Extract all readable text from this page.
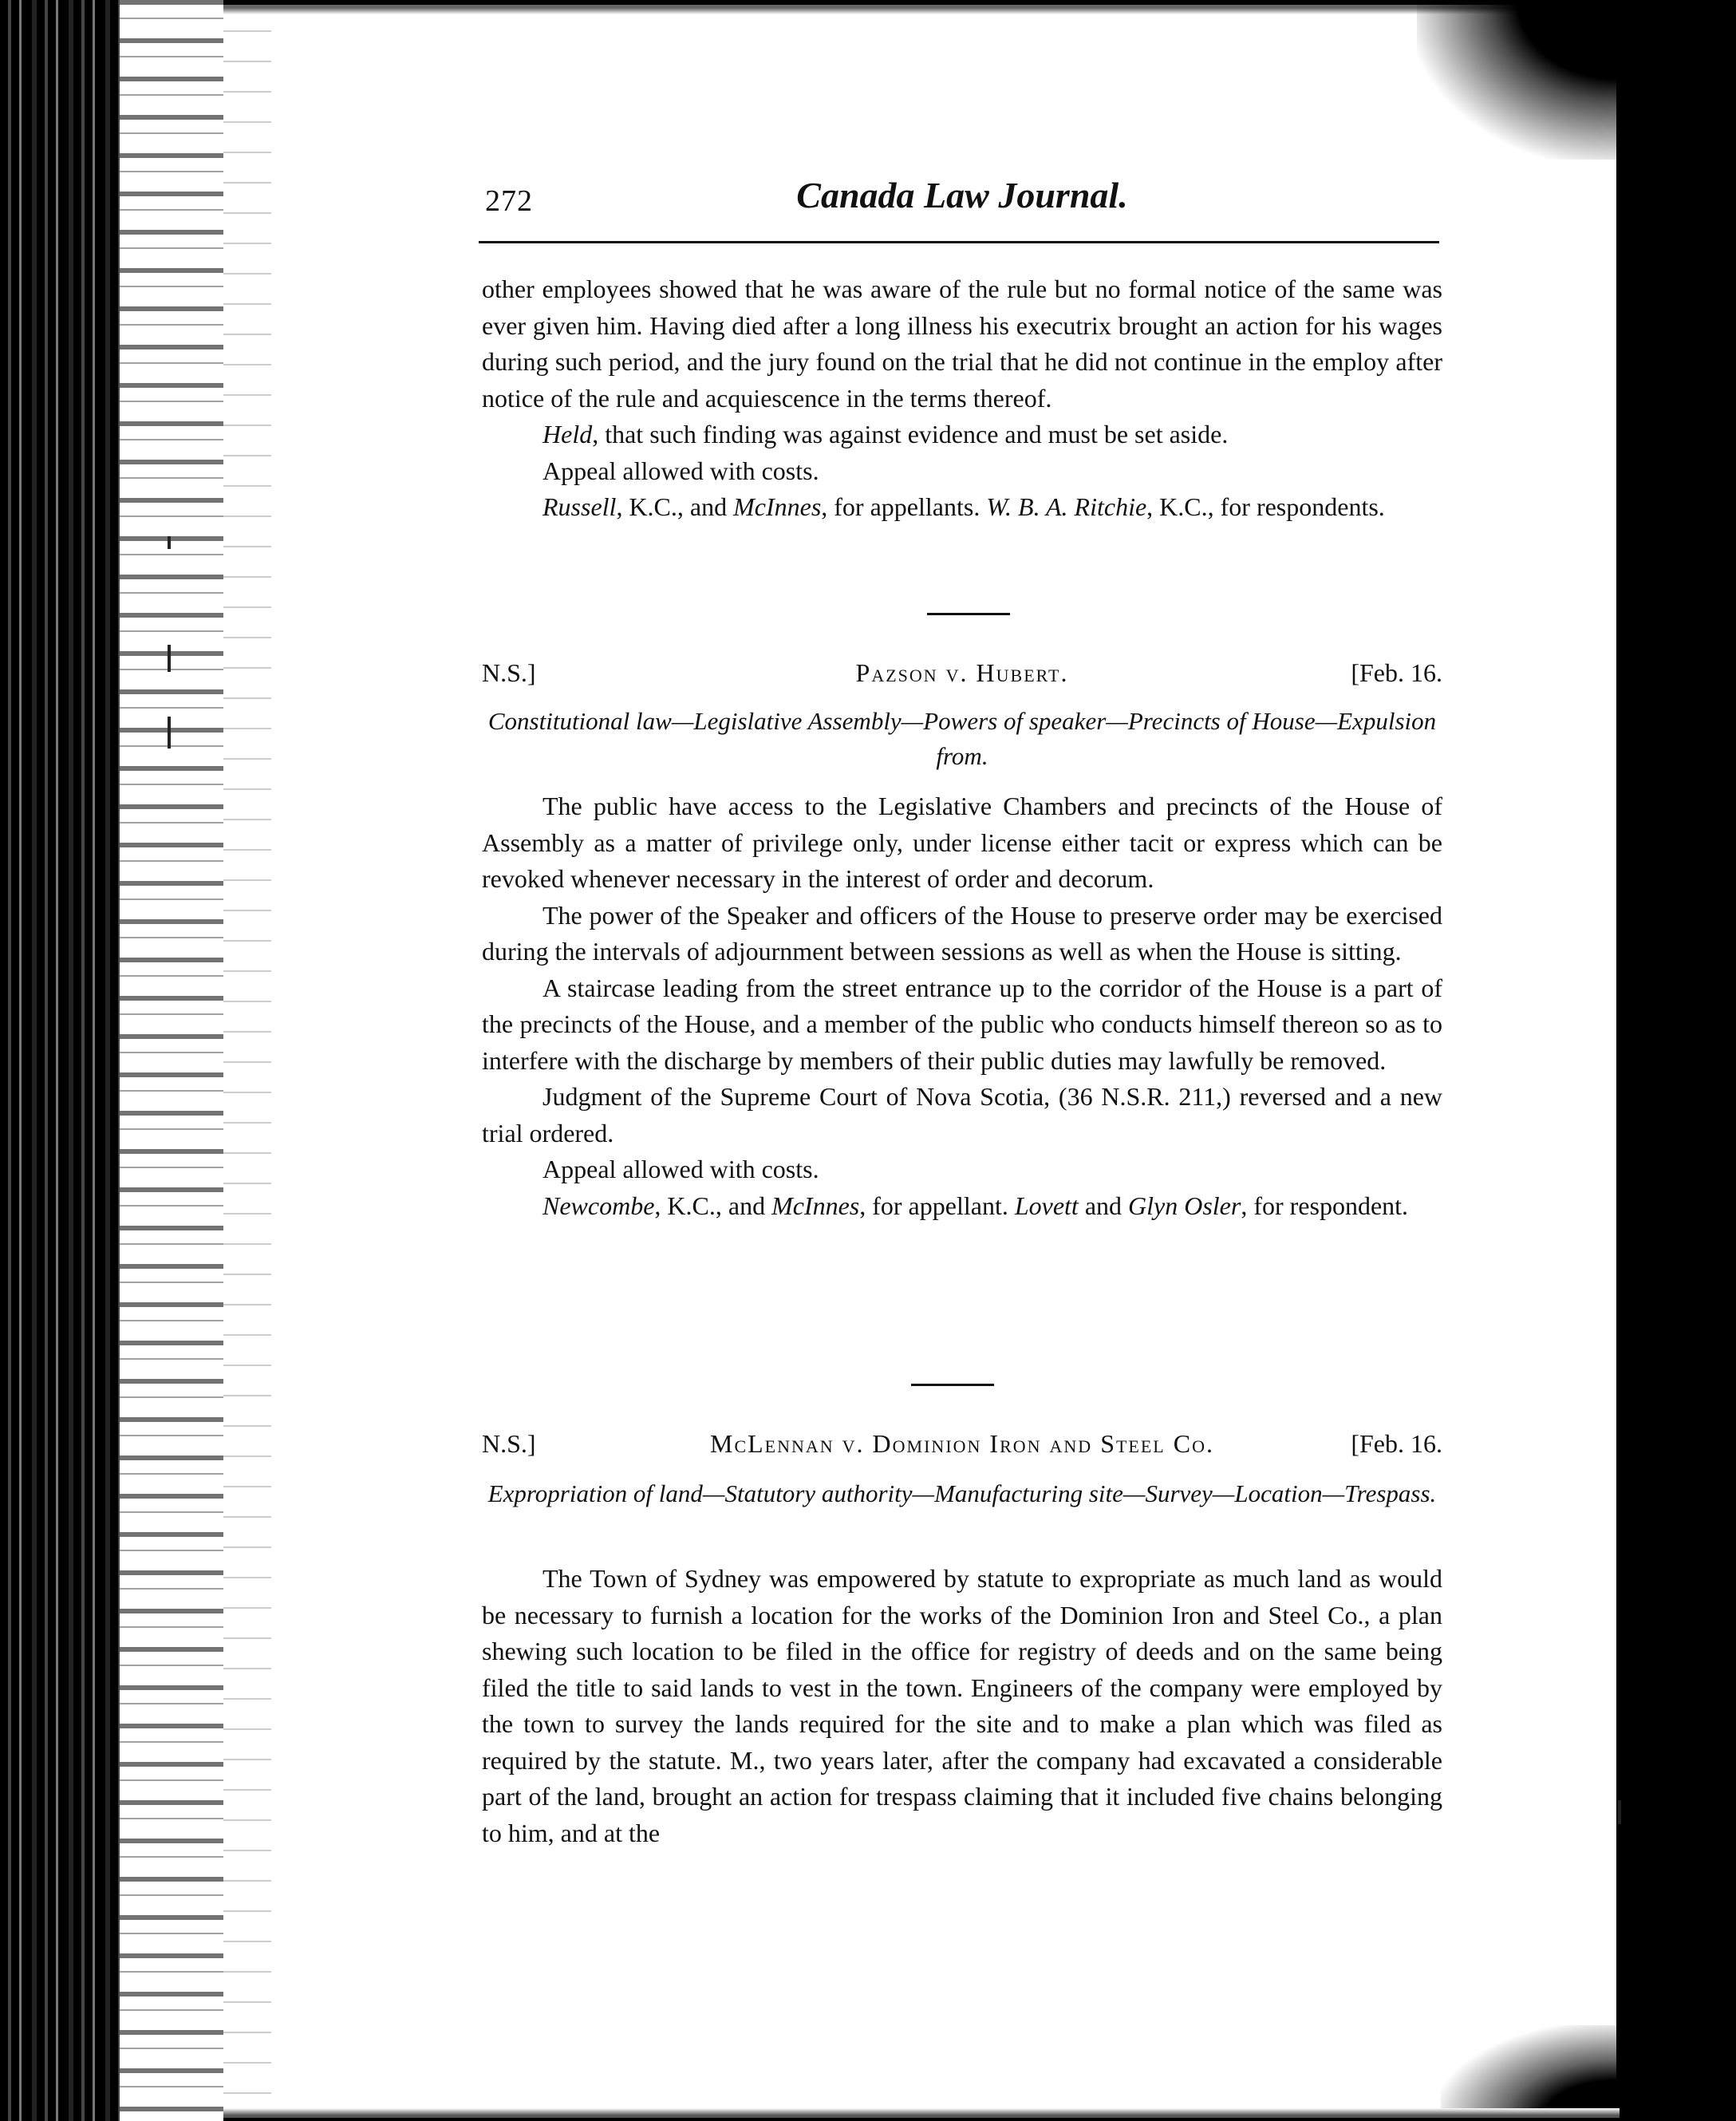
272	Canada Law Journal.

other employees showed that he was aware of the rule but no formal notice of the same was ever given him. Having died after a long illness his executrix brought an action for his wages during such period, and the jury found on the trial that he did not continue in the employ after notice of the rule and acquiescence in the terms thereof.

Held, that such finding was against evidence and must be set aside.

Appeal allowed with costs.

Russell, K.C., and McInnes, for appellants. W. B. A. Ritchie, K.C., for respondents.

N.S.]	Pazson v. Hubert.	[Feb. 16.
Constitutional law—Legislative Assembly—Powers of speaker—Precincts of House—Expulsion from.

The public have access to the Legislative Chambers and precincts of the House of Assembly as a matter of privilege only, under license either tacit or express which can be revoked whenever necessary in the interest of order and decorum.

The power of the Speaker and officers of the House to preserve order may be exercised during the intervals of adjournment between sessions as well as when the House is sitting.

A staircase leading from the street entrance up to the corridor of the House is a part of the precincts of the House, and a member of the public who conducts himself thereon so as to interfere with the discharge by members of their public duties may lawfully be removed.

Judgment of the Supreme Court of Nova Scotia, (36 N.S.R. 211,) reversed and a new trial ordered.

Appeal allowed with costs.

Newcombe, K.C., and McInnes, for appellant. Lovett and Glyn Osler, for respondent.

N.S.]	McLennan v. Dominion Iron and Steel Co.	[Feb. 16.
Expropriation of land—Statutory authority—Manufacturing site—Survey—Location—Trespass.

The Town of Sydney was empowered by statute to expropriate as much land as would be necessary to furnish a location for the works of the Dominion Iron and Steel Co., a plan shewing such location to be filed in the office for registry of deeds and on the same being filed the title to said lands to vest in the town. Engineers of the company were employed by the town to survey the lands required for the site and to make a plan which was filed as required by the statute. M., two years later, after the company had excavated a considerable part of the land, brought an action for trespass claiming that it included five chains belonging to him, and at the
